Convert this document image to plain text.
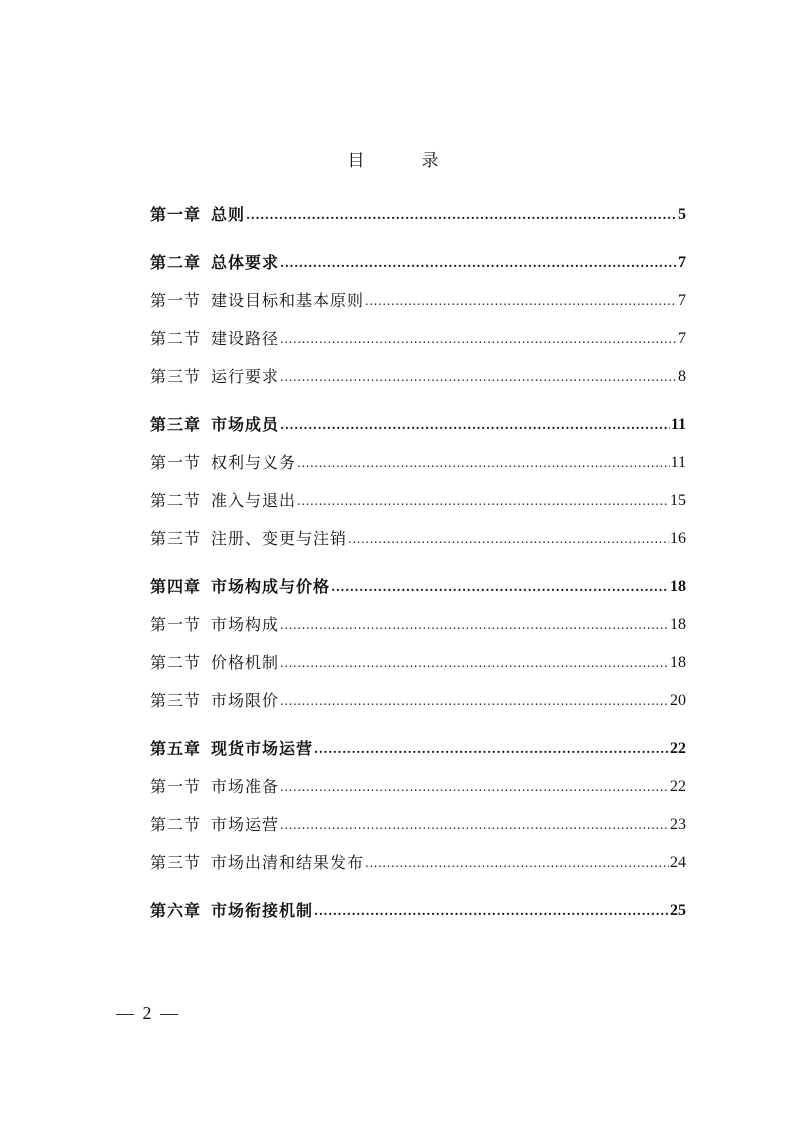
目　录
第一章 总则 .....	5
第二章 总体要求 .....	7
第一节 建设目标和基本原则 .....	7
第二节 建设路径 .....	7
第三节 运行要求 .....	8
第三章 市场成员 .....	11
第一节 权利与义务 .....	11
第二节 准入与退出 .....	15
第三节 注册、变更与注销 .....	16
第四章 市场构成与价格 .....	18
第一节 市场构成 .....	18
第二节 价格机制 .....	18
第三节 市场限价 .....	20
第五章 现货市场运营 .....	22
第一节 市场准备 .....	22
第二节 市场运营 .....	23
第三节 市场出清和结果发布 .....	24
第六章 市场衔接机制 .....	25
— 2 —
